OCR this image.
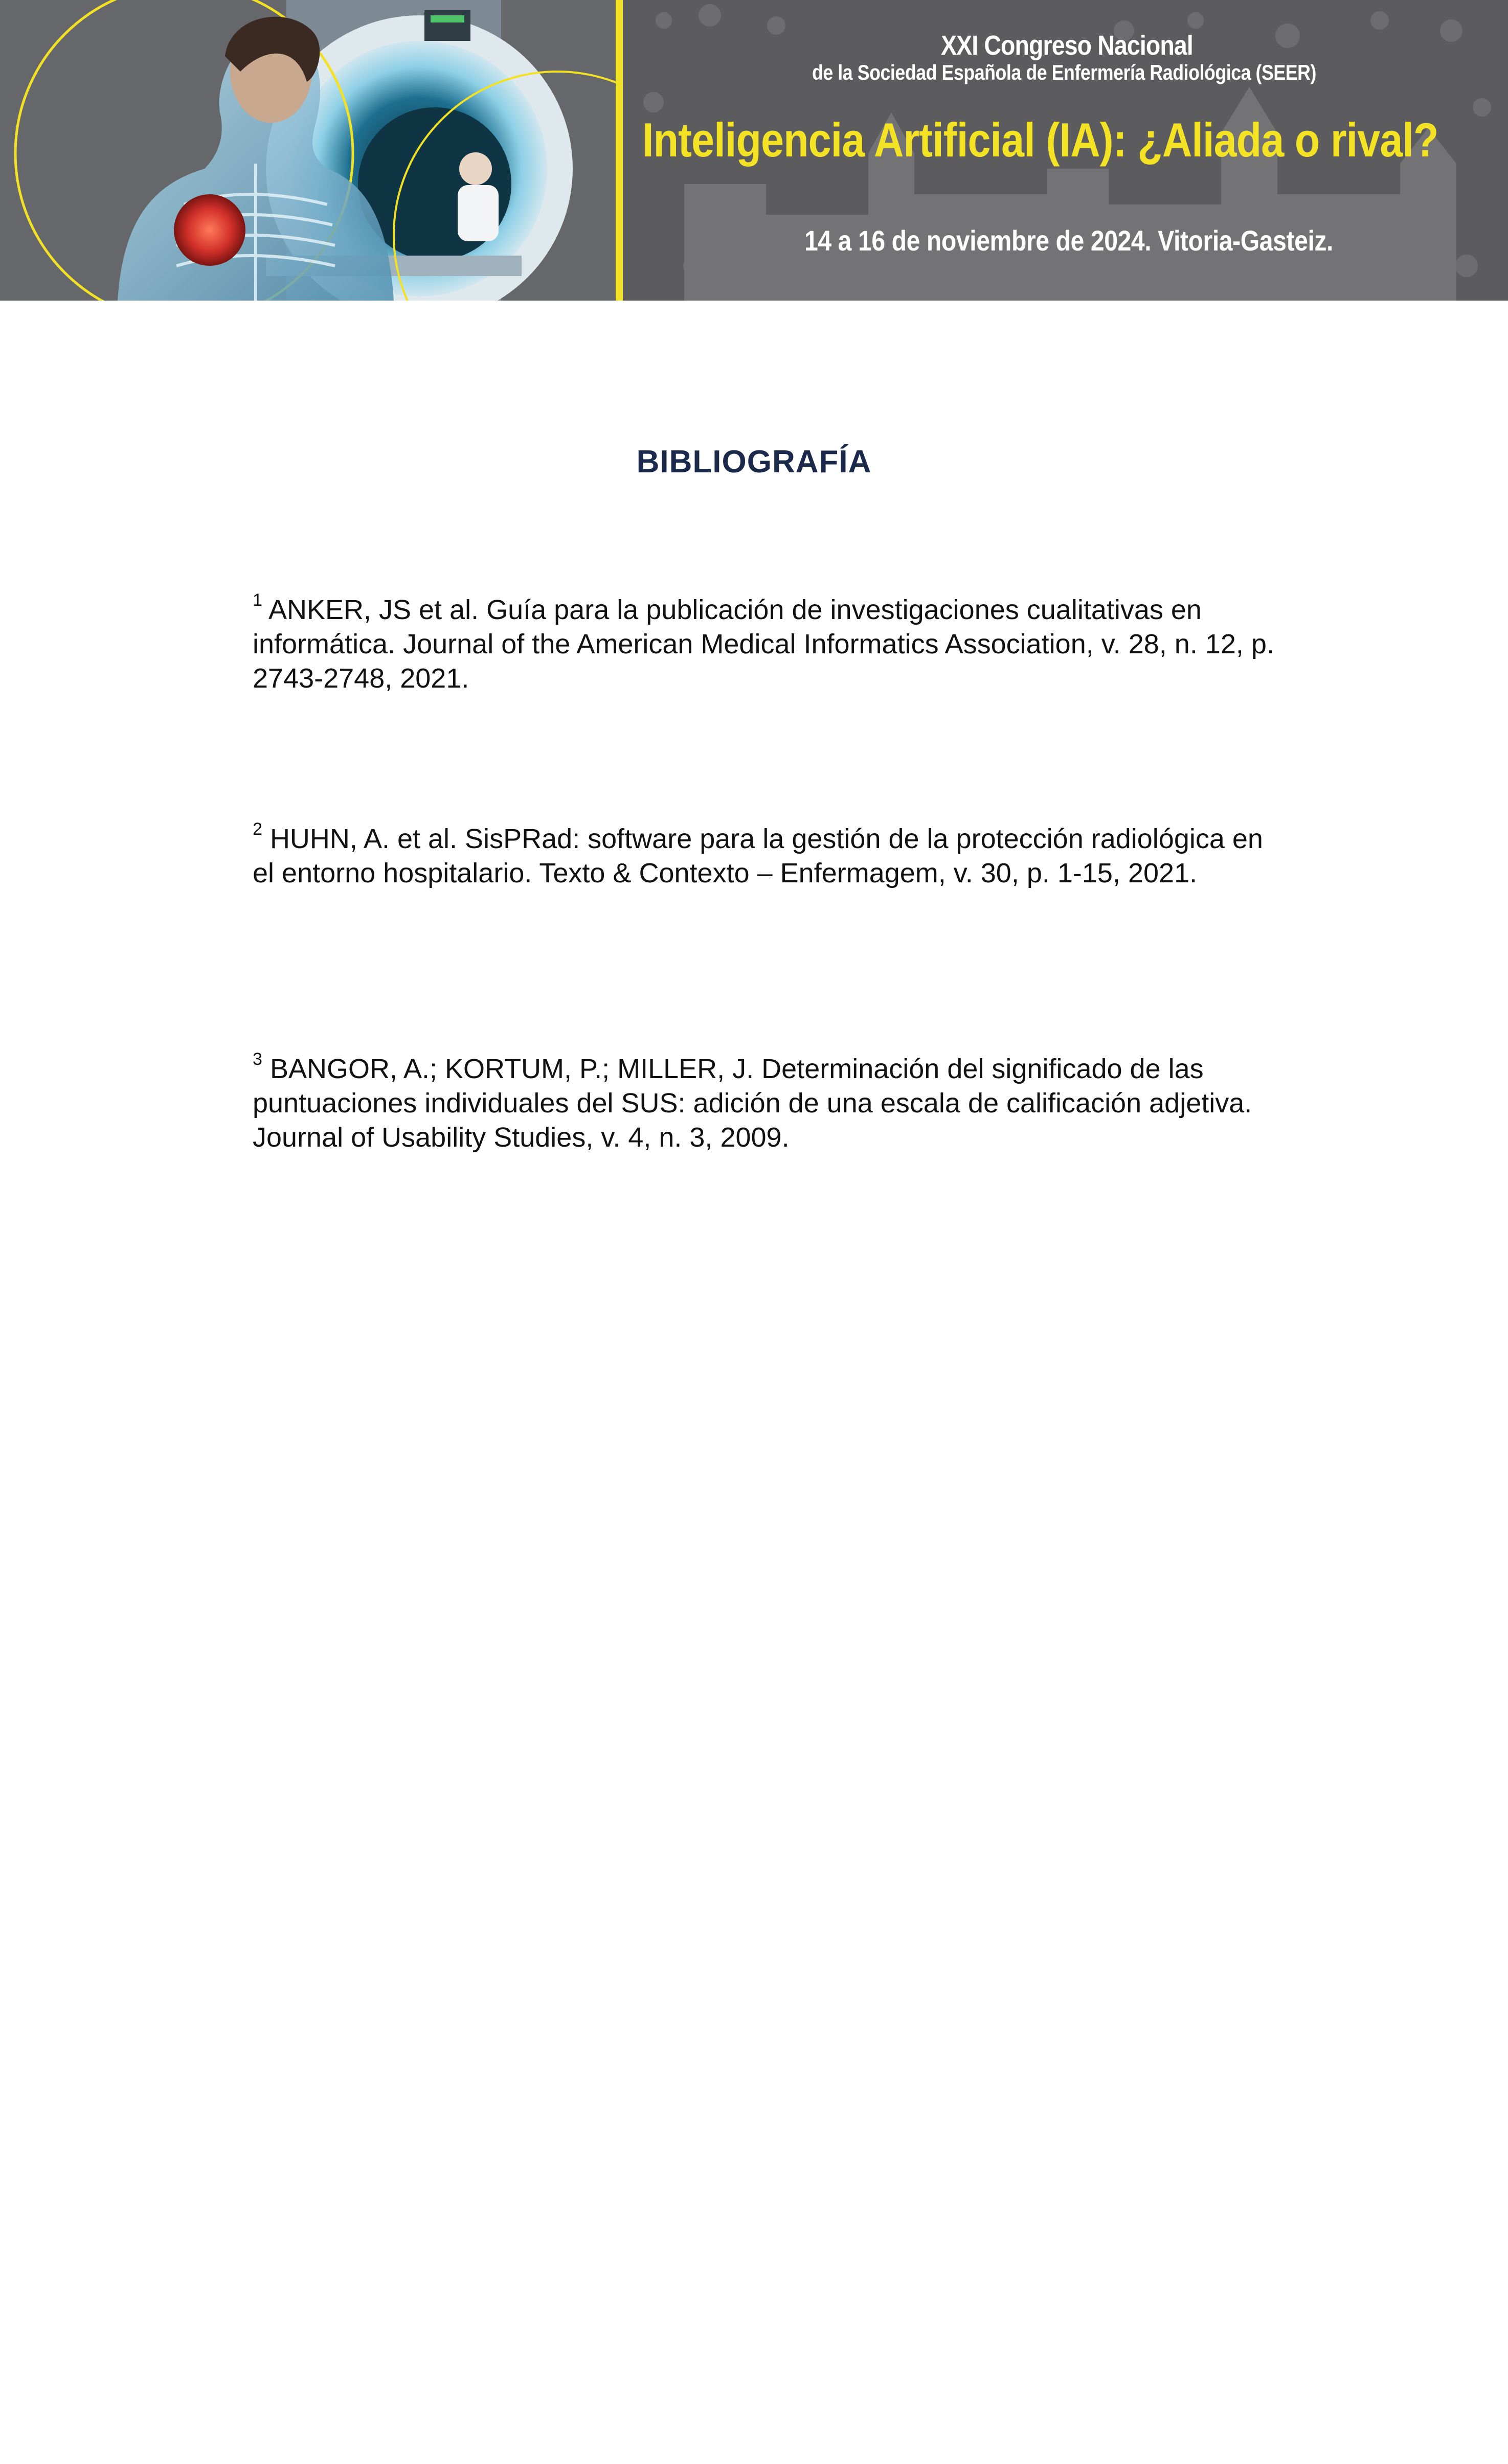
XXI Congreso Nacional
de la Sociedad Española de Enfermería Radiológica (SEER)
Inteligencia Artificial (IA): ¿Aliada o rival?
14 a 16 de noviembre de 2024. Vitoria-Gasteiz.
BIBLIOGRAFÍA
$^1$ ANKER, JS et al. Guía para la publicación de investigaciones cualitativas en
informática. Journal of the American Medical Informatics Association, v. 28, n. 12, p.
2743-2748, 2021.
$^2$ HUHN, A. et al. SisPRad: software para la gestión de la protección radiológica en
el entorno hospitalario. Texto & Contexto – Enfermagem, v. 30, p. 1-15, 2021.
$^3$ BANGOR, A.; KORTUM, P.; MILLER, J. Determinación del significado de las
puntuaciones individuales del SUS: adición de una escala de calificación adjetiva.
Journal of Usability Studies, v. 4, n. 3, 2009.
